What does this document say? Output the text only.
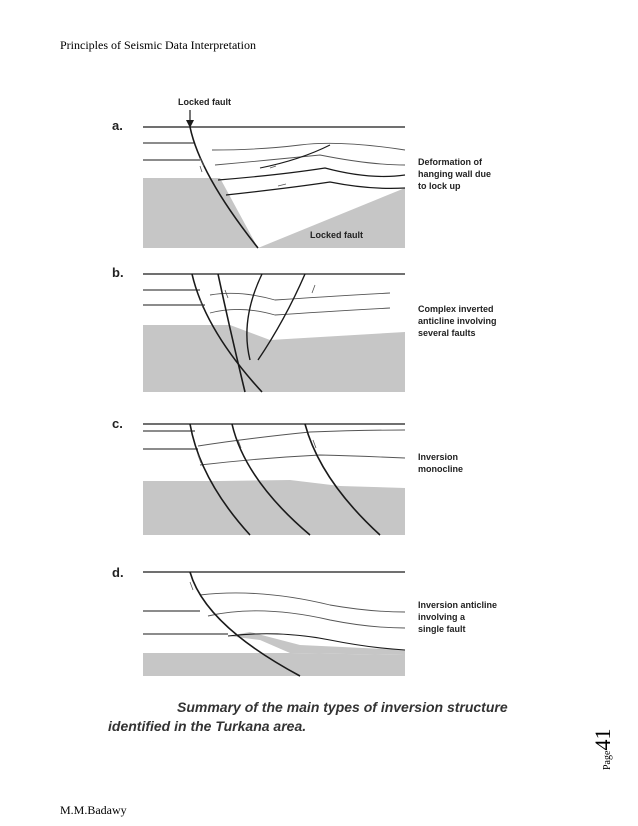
Principles of Seismic Data Interpretation
Locked fault
a.
Locked fault
Deformation of
hanging wall due
to lock up
b.
Complex inverted
anticline involving
several faults
c.
Inversion
monocline
d.
Inversion anticline
involving a
single fault
Summary of the main types of inversion structure
identified in the Turkana area.
Page41
M.M.Badawy
